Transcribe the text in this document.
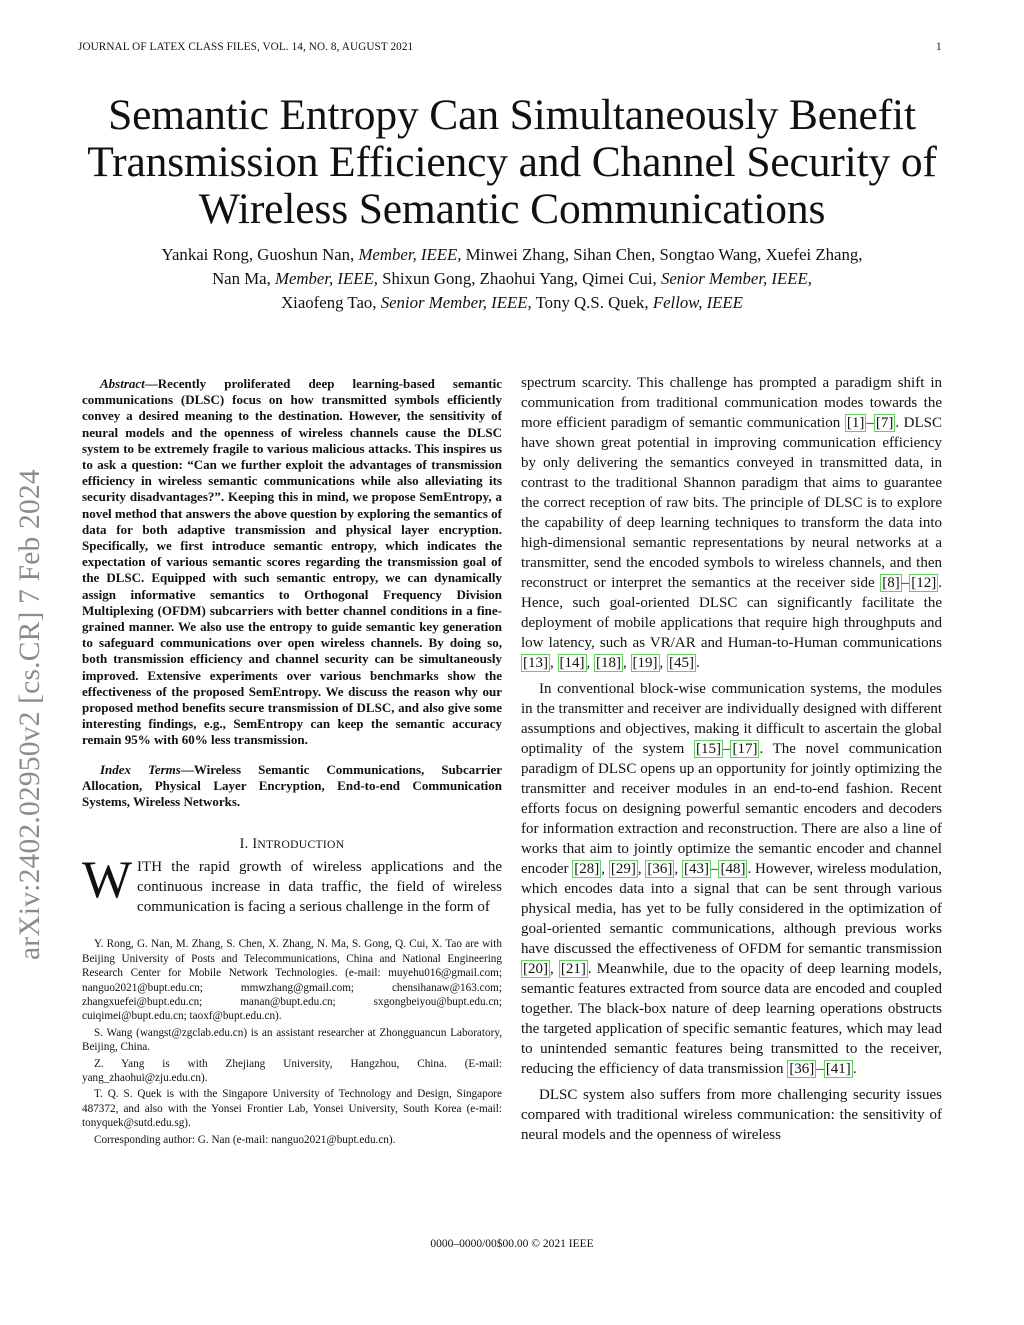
JOURNAL OF LATEX CLASS FILES, VOL. 14, NO. 8, AUGUST 2021	1
Semantic Entropy Can Simultaneously Benefit Transmission Efficiency and Channel Security of Wireless Semantic Communications
Yankai Rong, Guoshun Nan, Member, IEEE, Minwei Zhang, Sihan Chen, Songtao Wang, Xuefei Zhang,
Nan Ma, Member, IEEE, Shixun Gong, Zhaohui Yang, Qimei Cui, Senior Member, IEEE,
Xiaofeng Tao, Senior Member, IEEE, Tony Q.S. Quek, Fellow, IEEE
arXiv:2402.02950v2 [cs.CR] 7 Feb 2024

Abstract—Recently proliferated deep learning-based semantic communications (DLSC) focus on how transmitted symbols efficiently convey a desired meaning to the destination. However, the sensitivity of neural models and the openness of wireless channels cause the DLSC system to be extremely fragile to various malicious attacks. This inspires us to ask a question: “Can we further exploit the advantages of transmission efficiency in wireless semantic communications while also alleviating its security disadvantages?”. Keeping this in mind, we propose SemEntropy, a novel method that answers the above question by exploring the semantics of data for both adaptive transmission and physical layer encryption. Specifically, we first introduce semantic entropy, which indicates the expectation of various semantic scores regarding the transmission goal of the DLSC. Equipped with such semantic entropy, we can dynamically assign informative semantics to Orthogonal Frequency Division Multiplexing (OFDM) subcarriers with better channel conditions in a fine-grained manner. We also use the entropy to guide semantic key generation to safeguard communications over open wireless channels. By doing so, both transmission efficiency and channel security can be simultaneously improved. Extensive experiments over various benchmarks show the effectiveness of the proposed SemEntropy. We discuss the reason why our proposed method benefits secure transmission of DLSC, and also give some interesting findings, e.g., SemEntropy can keep the semantic accuracy remain 95% with 60% less transmission.

Index Terms—Wireless Semantic Communications, Subcarrier Allocation, Physical Layer Encryption, End-to-end Communication Systems, Wireless Networks.

I. INTRODUCTION

WITH the rapid growth of wireless applications and the continuous increase in data traffic, the field of wireless communication is facing a serious challenge in the form of

Y. Rong, G. Nan, M. Zhang, S. Chen, X. Zhang, N. Ma, S. Gong, Q. Cui, X. Tao are with Beijing University of Posts and Telecommunications, China and National Engineering Research Center for Mobile Network Technologies. (e-mail: muyehu016@gmail.com; nanguo2021@bupt.edu.cn; mmwzhang@gmail.com; chensihanaw@163.com; zhangxuefei@bupt.edu.cn; manan@bupt.edu.cn; sxgongbeiyou@bupt.edu.cn; cuiqimei@bupt.edu.cn; taoxf@bupt.edu.cn).

S. Wang (wangst@zgclab.edu.cn) is an assistant researcher at Zhongguancun Laboratory, Beijing, China.

Z. Yang is with Zhejiang University, Hangzhou, China. (E-mail: yang_zhaohui@zju.edu.cn).

T. Q. S. Quek is with the Singapore University of Technology and Design, Singapore 487372, and also with the Yonsei Frontier Lab, Yonsei University, South Korea (e-mail: tonyquek@sutd.edu.sg).

Corresponding author: G. Nan (e-mail: nanguo2021@bupt.edu.cn).

spectrum scarcity. This challenge has prompted a paradigm shift in communication from traditional communication modes towards the more efficient paradigm of semantic communication [1] – [7] . DLSC have shown great potential in improving communication efficiency by only delivering the semantics conveyed in transmitted data, in contrast to the traditional Shannon paradigm that aims to guarantee the correct reception of raw bits. The principle of DLSC is to explore the capability of deep learning techniques to transform the data into high-dimensional semantic representations by neural networks at a transmitter, send the encoded symbols to wireless channels, and then reconstruct or interpret the semantics at the receiver side [8] – [12] . Hence, such goal-oriented DLSC can significantly facilitate the deployment of mobile applications that require high throughputs and low latency, such as VR/AR and Human-to-Human communications [13] , [14] , [18] , [19] , [45] .

In conventional block-wise communication systems, the modules in the transmitter and receiver are individually designed with different assumptions and objectives, making it difficult to ascertain the global optimality of the system [15] – [17] . The novel communication paradigm of DLSC opens up an opportunity for jointly optimizing the transmitter and receiver modules in an end-to-end fashion. Recent efforts focus on designing powerful semantic encoders and decoders for information extraction and reconstruction. There are also a line of works that aim to jointly optimize the semantic encoder and channel encoder [28] , [29] , [36] , [43] – [48] . However, wireless modulation, which encodes data into a signal that can be sent through various physical media, has yet to be fully considered in the optimization of goal-oriented semantic communications, although previous works have discussed the effectiveness of OFDM for semantic transmission [20] , [21] . Meanwhile, due to the opacity of deep learning models, semantic features extracted from source data are encoded and coupled together. The black-box nature of deep learning operations obstructs the targeted application of specific semantic features, which may lead to unintended semantic features being transmitted to the receiver, reducing the efficiency of data transmission [36] – [41] .

DLSC system also suffers from more challenging security issues compared with traditional wireless communication: the sensitivity of neural models and the openness of wireless

0000–0000/00$00.00 © 2021 IEEE
